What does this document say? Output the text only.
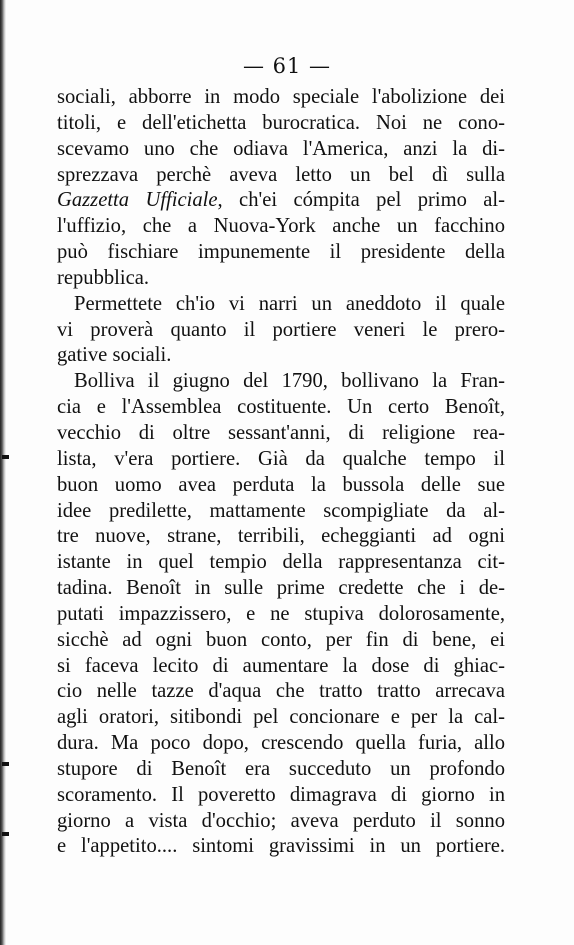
— 61 —
sociali, abborre in modo speciale l'abolizione dei
titoli, e dell'etichetta burocratica. Noi ne cono-
scevamo uno che odiava l'America, anzi la di-
sprezzava perchè aveva letto un bel dì sulla
Gazzetta Ufficiale, ch'ei cómpita pel primo al-
l'uffizio, che a Nuova-York anche un facchino
può fischiare impunemente il presidente della
repubblica.
Permettete ch'io vi narri un aneddoto il quale
vi proverà quanto il portiere veneri le prero-
gative sociali.
Bolliva il giugno del 1790, bollivano la Fran-
cia e l'Assemblea costituente. Un certo Benoît,
vecchio di oltre sessant'anni, di religione rea-
lista, v'era portiere. Già da qualche tempo il
buon uomo avea perduta la bussola delle sue
idee predilette, mattamente scompigliate da al-
tre nuove, strane, terribili, echeggianti ad ogni
istante in quel tempio della rappresentanza cit-
tadina. Benoît in sulle prime credette che i de-
putati impazzissero, e ne stupiva dolorosamente,
sicchè ad ogni buon conto, per fin di bene, ei
si faceva lecito di aumentare la dose di ghiac-
cio nelle tazze d'aqua che tratto tratto arrecava
agli oratori, sitibondi pel concionare e per la cal-
dura. Ma poco dopo, crescendo quella furia, allo
stupore di Benoît era succeduto un profondo
scoramento. Il poveretto dimagrava di giorno in
giorno a vista d'occhio; aveva perduto il sonno
e l'appetito.... sintomi gravissimi in un portiere.
